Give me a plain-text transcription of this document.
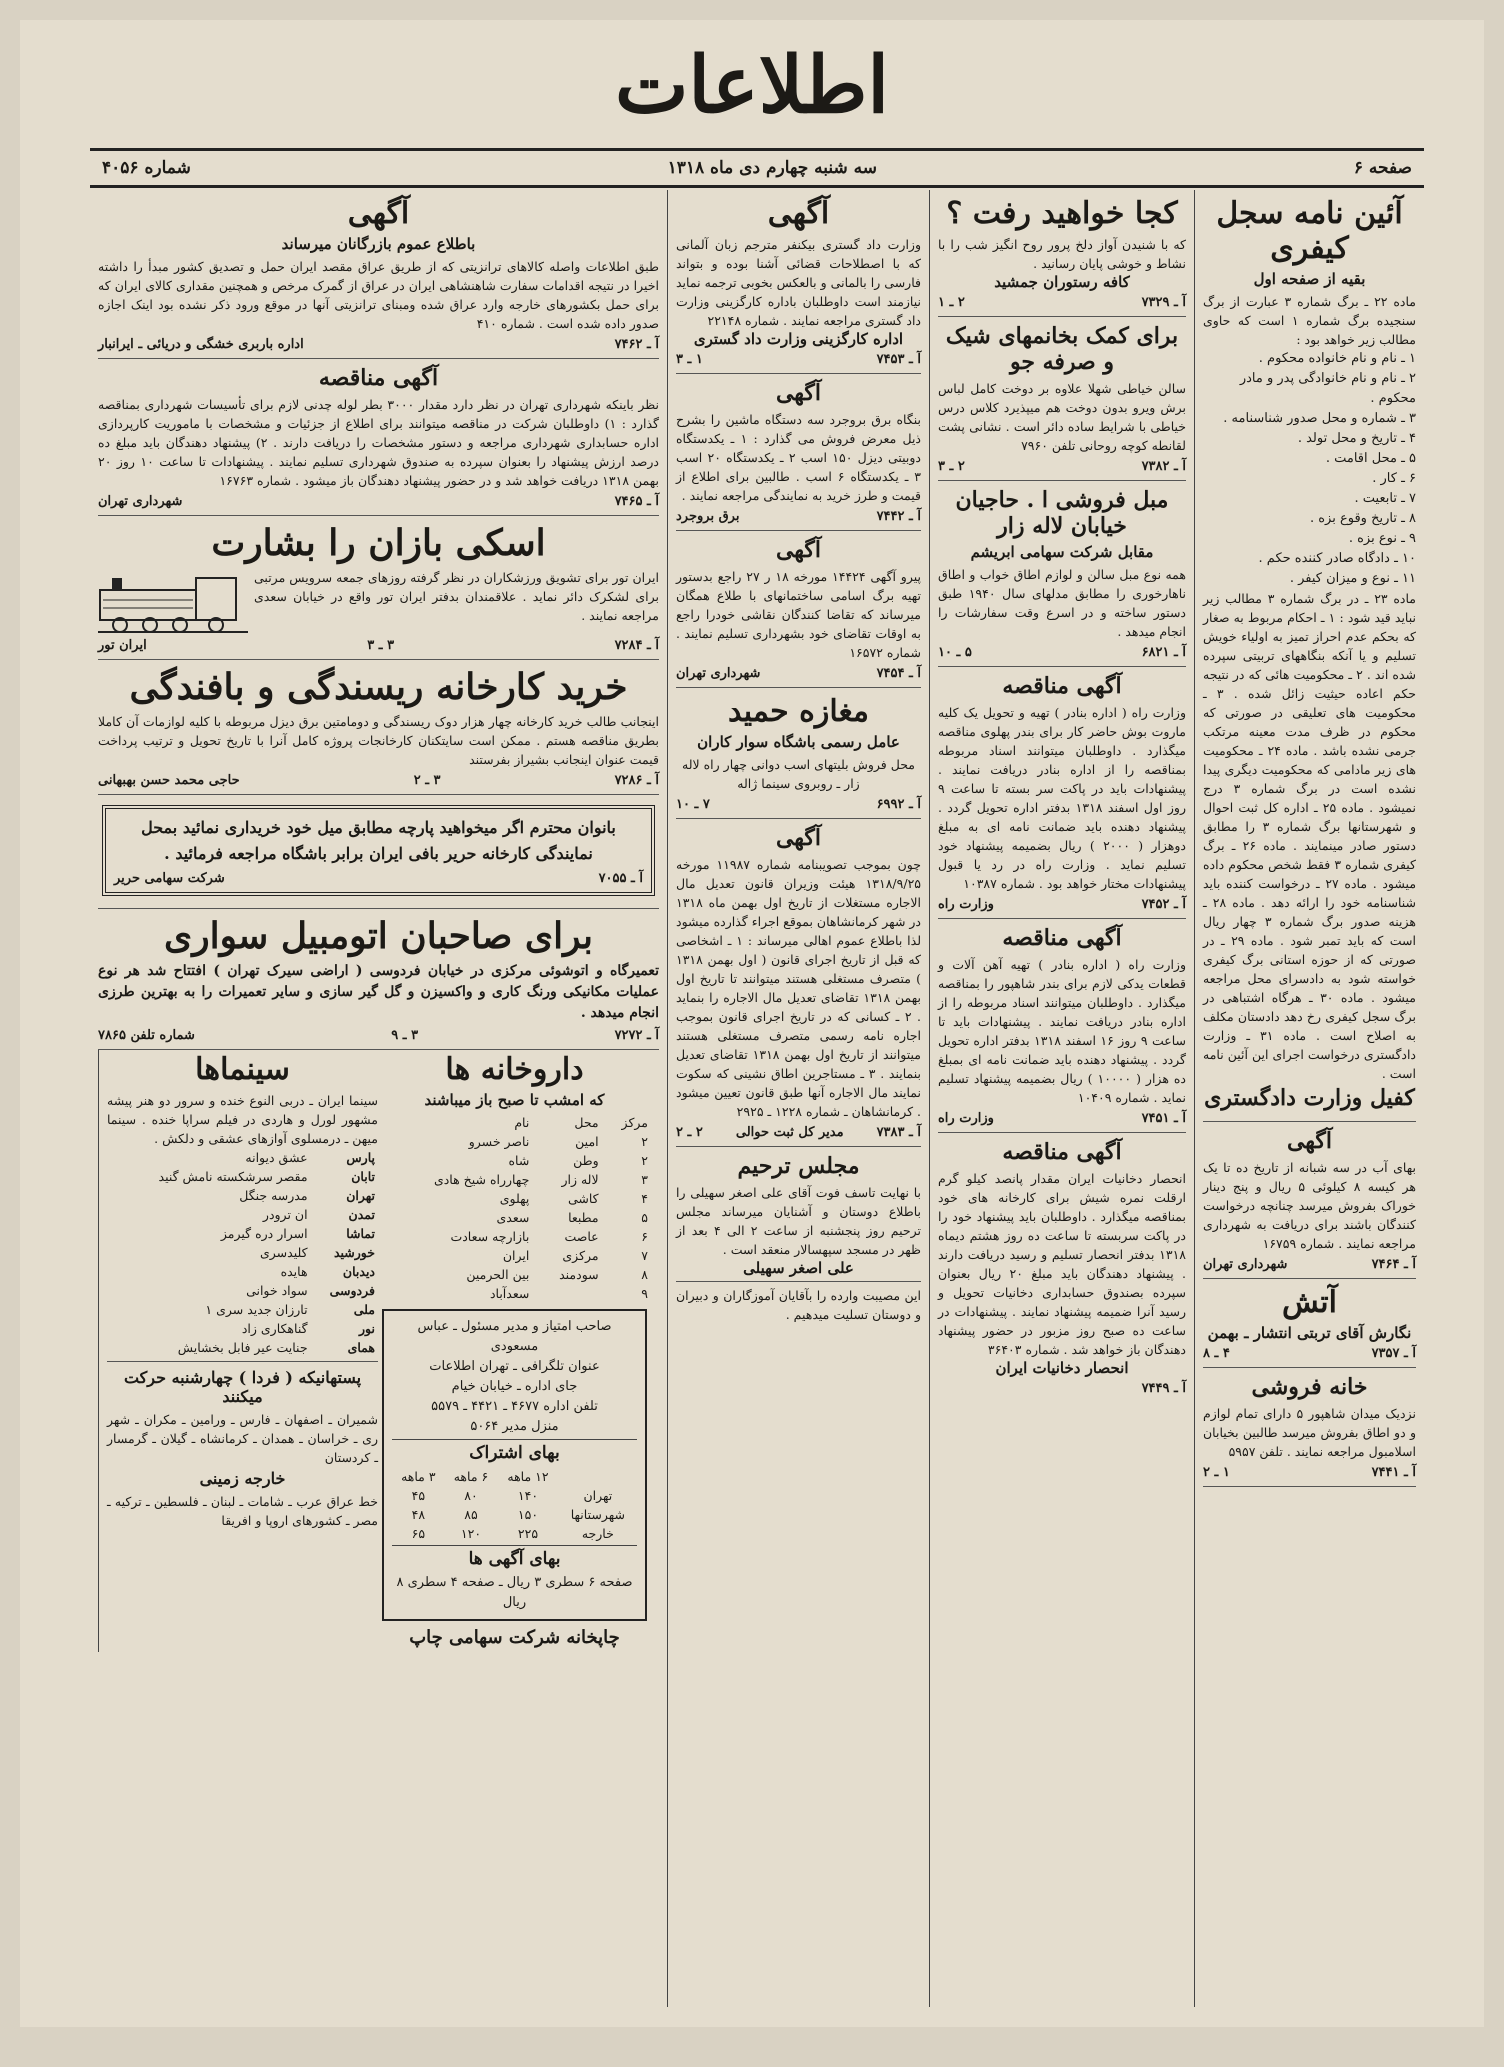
اطلاعات
صفحه ۶
سه شنبه چهارم دی ماه ۱۳۱۸
شماره ۴۰۵۶
آئین نامه سجل کیفری
بقیه از صفحه اول
ماده ۲۲ ـ برگ شماره ۳ عبارت از برگ سنجیده برگ شماره ۱ است که حاوی مطالب زیر خواهد بود :
۱ ـ نام و نام خانواده محکوم .
۲ ـ نام و نام خانوادگی پدر و مادر محکوم .
۳ ـ شماره و محل صدور شناسنامه .
۴ ـ تاریخ و محل تولد .
۵ ـ محل اقامت .
۶ ـ کار .
۷ ـ تابعیت .
۸ ـ تاریخ وقوع بزه .
۹ ـ نوع بزه .
۱۰ ـ دادگاه صادر کننده حکم .
۱۱ ـ نوع و میزان کیفر .
ماده ۲۳ ـ در برگ شماره ۳ مطالب زیر نباید قید شود : ۱ ـ احکام مربوط به صغار که بحکم عدم احراز تمیز به اولیاء خویش تسلیم و یا آنکه بنگاههای تربیتی سپرده شده اند . ۲ ـ محکومیت هائی که در نتیجه حکم اعاده حیثیت زائل شده . ۳ ـ محکومیت های تعلیقی در صورتی که محکوم در ظرف مدت معینه مرتکب جرمی نشده باشد . ماده ۲۴ ـ محکومیت های زیر مادامی که محکومیت دیگری پیدا نشده است در برگ شماره ۳ درج نمیشود . ماده ۲۵ ـ اداره کل ثبت احوال و شهرستانها برگ شماره ۳ را مطابق دستور صادر مینمایند . ماده ۲۶ ـ برگ کیفری شماره ۳ فقط شخص محکوم داده میشود . ماده ۲۷ ـ درخواست کننده باید شناسنامه خود را ارائه دهد . ماده ۲۸ ـ هزینه صدور برگ شماره ۳ چهار ریال است که باید تمبر شود . ماده ۲۹ ـ در صورتی که از حوزه استانی برگ کیفری خواسته شود به دادسرای محل مراجعه میشود . ماده ۳۰ ـ هرگاه اشتباهی در برگ سجل کیفری رخ دهد دادستان مکلف به اصلاح است . ماده ۳۱ ـ وزارت دادگستری درخواست اجرای این آئین نامه است .
کفیل وزارت دادگستری
آگهی
بهای آب در سه شبانه از تاریخ ده تا یک هر کیسه ۸ کیلوئی ۵ ریال و پنج دینار خوراک بفروش میرسد چنانچه درخواست کنندگان باشند برای دریافت به شهرداری مراجعه نمایند . شماره ۱۶۷۵۹
آ ـ ۷۴۶۴
شهرداری تهران
آتش
نگارش آقای تربتی انتشار ـ بهمن
آ ـ ۷۳۵۷
۴ ـ ۸
خانه فروشی
نزدیک میدان شاهپور ۵ دارای تمام لوازم و دو اطاق بفروش میرسد طالبین بخیابان اسلامبول مراجعه نمایند . تلفن ۵۹۵۷
آ ـ ۷۴۴۱
۱ ـ ۲
کجا خواهید رفت ؟
که با شنیدن آواز دلخ پرور روح انگیز شب را با نشاط و خوشی پایان رسانید .
کافه رستوران جمشید
آ ـ ۷۳۲۹
۲ ـ ۱
برای کمک بخانمهای شیک و صرفه جو
سالن خیاطی شهلا علاوه بر دوخت کامل لباس برش ویرو بدون دوخت هم میپذیرد کلاس درس خیاطی با شرایط ساده دائر است . نشانی پشت لقانطه کوچه روحانی تلفن ۷۹۶۰
آ ـ ۷۳۸۲
۲ ـ ۳
مبل فروشی ا . حاجیان خیابان لاله زار
مقابل شرکت سهامی ابریشم
همه نوع مبل سالن و لوازم اطاق خواب و اطاق ناهارخوری را مطابق مدلهای سال ۱۹۴۰ طبق دستور ساخته و در اسرع وقت سفارشات را انجام میدهد .
آ ـ ۶۸۲۱
۵ ـ ۱۰
آگهی مناقصه
وزارت راه ( اداره بنادر ) تهیه و تحویل یک کلیه ماروت بوش حاضر کار برای بندر پهلوی مناقصه میگذارد . داوطلبان میتوانند اسناد مربوطه بمناقصه را از اداره بنادر دریافت نمایند . پیشنهادات باید در پاکت سر بسته تا ساعت ۹ روز اول اسفند ۱۳۱۸ بدفتر اداره تحویل گردد . پیشنهاد دهنده باید ضمانت نامه ای به مبلغ دوهزار ( ۲۰۰۰ ) ریال بضمیمه پیشنهاد خود تسلیم نماید . وزارت راه در رد یا قبول پیشنهادات مختار خواهد بود . شماره ۱۰۳۸۷
آ ـ ۷۴۵۲
وزارت راه
آگهی مناقصه
وزارت راه ( اداره بنادر ) تهیه آهن آلات و قطعات یدکی لازم برای بندر شاهپور را بمناقصه میگذارد . داوطلبان میتوانند اسناد مربوطه را از اداره بنادر دریافت نمایند . پیشنهادات باید تا ساعت ۹ روز ۱۶ اسفند ۱۳۱۸ بدفتر اداره تحویل گردد . پیشنهاد دهنده باید ضمانت نامه ای بمبلغ ده هزار ( ۱۰۰۰۰ ) ریال بضمیمه پیشنهاد تسلیم نماید . شماره ۱۰۴۰۹
آ ـ ۷۴۵۱
وزارت راه
آگهی مناقصه
انحصار دخانیات ایران مقدار پانصد کیلو گرم ارقلت نمره شیش برای کارخانه های خود بمناقصه میگذارد . داوطلبان باید پیشنهاد خود را در پاکت سربسته تا ساعت ده روز هشتم دیماه ۱۳۱۸ بدفتر انحصار تسلیم و رسید دریافت دارند . پیشنهاد دهندگان باید مبلغ ۲۰ ریال بعنوان سپرده بصندوق حسابداری دخانیات تحویل و رسید آنرا ضمیمه پیشنهاد نمایند . پیشنهادات در ساعت ده صبح روز مزبور در حضور پیشنهاد دهندگان باز خواهد شد . شماره ۳۶۴۰۳
انحصار دخانیات ایران
آ ـ ۷۴۴۹
آگهی
وزارت داد گستری بیکنفر مترجم زبان آلمانی که با اصطلاحات قضائی آشنا بوده و بتواند فارسی را بالمانی و بالعکس بخوبی ترجمه نماید نیازمند است داوطلبان باداره کارگزینی وزارت داد گستری مراجعه نمایند . شماره ۲۲۱۴۸
اداره کارگزینی وزارت داد گستری
آ ـ ۷۴۵۳
۱ ـ ۳
آگهی
بنگاه برق بروجرد سه دستگاه ماشین را بشرح ذیل معرض فروش می گذارد : ۱ ـ یکدستگاه دوبیتی دیزل ۱۵۰ اسب ۲ ـ یکدستگاه ۲۰ اسب ۳ ـ یکدستگاه ۶ اسب . طالبین برای اطلاع از قیمت و طرز خرید به نمایندگی مراجعه نمایند .
آ ـ ۷۴۴۲
برق بروجرد
آگهی
پیرو آگهی ۱۴۴۲۴ مورخه ۱۸ ر ۲۷ راجع بدستور تهیه برگ اسامی ساختمانهای با طلاع همگان میرساند که تقاضا کنندگان نقاشی خودرا راجع به اوقات تقاضای خود بشهرداری تسلیم نمایند . شماره ۱۶۵۷۲
آ ـ ۷۴۵۴
شهرداری تهران
مغازه حمید
عامل رسمی باشگاه سوار کاران
محل فروش بلیتهای اسب دوانی چهار راه لاله زار ـ روبروی سینما ژاله
آ ـ ۶۹۹۲
۷ ـ ۱۰
آگهی
چون بموجب تصویبنامه شماره ۱۱۹۸۷ مورخه ۱۳۱۸/۹/۲۵ هیئت وزیران قانون تعدیل مال الاجاره مستغلات از تاریخ اول بهمن ماه ۱۳۱۸ در شهر کرمانشاهان بموقع اجراء گذارده میشود لذا باطلاع عموم اهالی میرساند : ۱ ـ اشخاصی که قبل از تاریخ اجرای قانون ( اول بهمن ۱۳۱۸ ) متصرف مستغلی هستند میتوانند تا تاریخ اول بهمن ۱۳۱۸ تقاضای تعدیل مال الاجاره را بنماید . ۲ ـ کسانی که در تاریخ اجرای قانون بموجب اجاره نامه رسمی متصرف مستغلی هستند میتوانند از تاریخ اول بهمن ۱۳۱۸ تقاضای تعدیل بنمایند . ۳ ـ مستاجرین اطاق نشینی که سکوت نمایند مال الاجاره آنها طبق قانون تعیین میشود . کرمانشاهان ـ شماره ۱۲۲۸ ـ ۲۹۲۵
آ ـ ۷۳۸۳
مدیر کل ثبت حوالی
۲ ـ ۲
مجلس ترحیم
با نهایت تاسف فوت آقای علی اصغر سهیلی را باطلاع دوستان و آشنایان میرساند مجلس ترحیم روز پنجشنبه از ساعت ۲ الی ۴ بعد از ظهر در مسجد سپهسالار منعقد است .
علی اصغر سهیلی
این مصیبت وارده را بآقایان آموزگاران و دبیران و دوستان تسلیت میدهیم .
آگهی
باطلاع عموم بازرگانان میرساند
طبق اطلاعات واصله کالاهای ترانزیتی که از طریق عراق مقصد ایران حمل و تصدیق کشور مبدأ را داشته اخیرا در نتیجه اقدامات سفارت شاهنشاهی ایران در عراق از گمرک مرخص و همچنین مقداری کالای ایران که برای حمل بکشورهای خارجه وارد عراق شده ومبنای ترانزیتی آنها در موقع ورود ذکر نشده بود اینک اجازه صدور داده شده است . شماره ۴۱۰
آ ـ ۷۴۶۲
اداره باربری خشگی و دریائی ـ ایرانبار
آگهی مناقصه
نظر باینکه شهرداری تهران در نظر دارد مقدار ۳۰۰۰ بطر لوله چدنی لازم برای تأسیسات شهرداری بمناقصه گذارد : ۱) داوطلبان شرکت در مناقصه میتوانند برای اطلاع از جزئیات و مشخصات با ماموریت کارپردازی اداره حسابداری شهرداری مراجعه و دستور مشخصات را دریافت دارند . ۲) پیشنهاد دهندگان باید مبلغ ده درصد ارزش پیشنهاد را بعنوان سپرده به صندوق شهرداری تسلیم نمایند . پیشنهادات تا ساعت ۱۰ روز ۲۰ بهمن ۱۳۱۸ دریافت خواهد شد و در حضور پیشنهاد دهندگان باز میشود . شماره ۱۶۷۶۳
آ ـ ۷۴۶۵
شهرداری تهران
اسکی بازان را بشارت
ایران تور برای تشویق ورزشکاران در نظر گرفته روزهای جمعه سرویس مرتبی برای لشکرک دائر نماید . علاقمندان بدفتر ایران تور واقع در خیابان سعدی مراجعه نمایند .
آ ـ ۷۲۸۴
۳ ـ ۳
ایران تور
خرید کارخانه ریسندگی و بافندگی
اینجانب طالب خرید کارخانه چهار هزار دوک ریسندگی و دومامتین برق دیزل مربوطه با کلیه لوازمات آن کاملا بطریق مناقصه هستم . ممکن است سایتکنان کارخانجات پروژه کامل آنرا با تاریخ تحویل و ترتیب پرداخت قیمت عنوان اینجانب بشیراز بفرستند
آ ـ ۷۲۸۶
۳ ـ ۲
حاجی محمد حسن بهبهانی
بانوان محترم اگر میخواهید پارچه مطابق میل خود خریداری نمائید بمحل نمایندگی کارخانه حریر بافی ایران برابر باشگاه مراجعه فرمائید .
آ ـ ۷۰۵۵
شرکت سهامی حریر
برای صاحبان اتومبیل سواری
تعمیرگاه و اتوشوئی مرکزی در خیابان فردوسی ( اراضی سیرک تهران ) افتتاح شد هر نوع عملیات مکانیکی ورنگ کاری و واکسیزن و گل گیر سازی و سایر تعمیرات را به بهترین طرزی انجام میدهد .
آ ـ ۷۲۷۲
۳ ـ ۹
شماره تلفن ۷۸۶۵
سینماها
سینما ایران ـ دربی النوع خنده و سرور دو هنر پیشه مشهور لورل و هاردی در فیلم سراپا خنده . سینما میهن ـ درمسلوی آوازهای عشقی و دلکش .
پارس	عشق دیوانه
تابان	مقصر سرشکسته نامش گنید
تهران	مدرسه جنگل
تمدن	ان ترودر
تماشا	اسرار دره گیرمز
خورشید	کلیدسری
دیدبان	هایده
فردوسی	سواد خوانی
ملی	تارزان جدید سری ۱
نور	گناهکاری زاد
همای	جنایت عیر فابل بخشایش
پستهانیکه ( فردا ) چهارشنبه حرکت میکنند
شمیران ـ اصفهان ـ فارس ـ ورامین ـ مکران ـ شهر ری ـ خراسان ـ همدان ـ کرمانشاه ـ گیلان ـ گرمسار ـ کردستان
خارجه زمینی
خط عراق عرب ـ شامات ـ لبنان ـ فلسطین ـ ترکیه ـ مصر ـ کشورهای اروپا و افریقا
داروخانه ها
که امشب تا صبح باز میباشند
مرکز	محل	نام
۲	امین	ناصر خسرو
۲	وطن	شاه
۳	لاله زار	چهارراه شیخ هادی
۴	کاشی	پهلوی
۵	مطبعا	سعدی
۶	عاصت	بازارچه سعادت
۷	مرکزی	ایران
۸	سودمند	بین الحرمین
۹		سعدآباد
صاحب امتیاز و مدیر مسئول ـ عباس مسعودی
عنوان تلگرافی ـ تهران اطلاعات
جای اداره ـ خیابان خیام
تلفن اداره ۴۶۷۷ ـ ۴۴۲۱ ـ ۵۵۷۹
منزل مدیر ۵۰۶۴
بهای اشتراک
	۱۲ ماهه	۶ ماهه	۳ ماهه
تهران	۱۴۰	۸۰	۴۵
شهرستانها	۱۵۰	۸۵	۴۸
خارجه	۲۲۵	۱۲۰	۶۵
بهای آگهی ها
صفحه ۶ سطری ۳ ریال ـ صفحه ۴ سطری ۸ ریال
چاپخانه شرکت سهامی چاپ
